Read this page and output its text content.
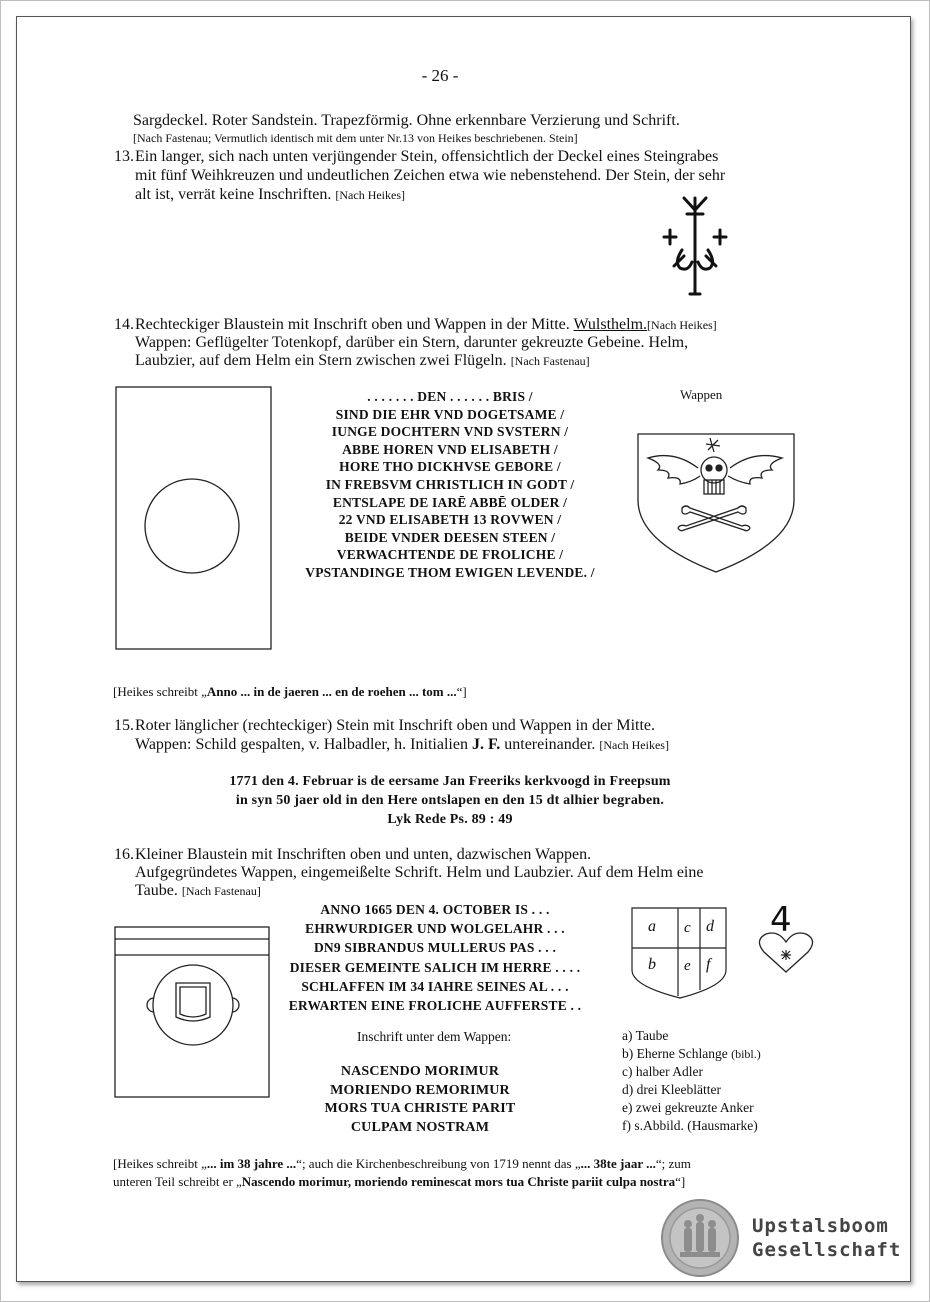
- 26 -
Sargdeckel. Roter Sandstein. Trapezförmig. Ohne erkennbare Verzierung und Schrift.
[Nach Fastenau; Vermutlich identisch mit dem unter Nr.13 von Heikes beschriebenen. Stein]
13. Ein langer, sich nach unten verjüngender Stein, offensichtlich der Deckel eines Steingrabes
mit fünf Weihkreuzen und undeutlichen Zeichen etwa wie nebenstehend. Der Stein, der sehr
alt ist, verrät keine Inschriften. [Nach Heikes]
14. Rechteckiger Blaustein mit Inschrift oben und Wappen in der Mitte. Wulsthelm.[Nach Heikes]
Wappen: Geflügelter Totenkopf, darüber ein Stern, darunter gekreuzte Gebeine. Helm,
Laubzier, auf dem Helm ein Stern zwischen zwei Flügeln. [Nach Fastenau]
. . . . . . . DEN . . . . . . BRIS /
SIND DIE EHR VND DOGETSAME /
IUNGE DOCHTERN VND SVSTERN /
ABBE HOREN VND ELISABETH /
HORE THO DICKHVSE GEBORE /
IN FREBSVM CHRISTLICH IN GODT /
ENTSLAPE DE IARĒ ABBĒ OLDER /
22 VND ELISABETH 13 ROVWEN /
BEIDE VNDER DEESEN STEEN /
VERWACHTENDE DE FROLICHE /
VPSTANDINGE THOM EWIGEN LEVENDE. /
Wappen
[Heikes schreibt „Anno ... in de jaeren ... en de roehen ... tom ...“]
15. Roter länglicher (rechteckiger) Stein mit Inschrift oben und Wappen in der Mitte.
Wappen: Schild gespalten, v. Halbadler, h. Initialien J. F. untereinander. [Nach Heikes]
1771 den 4. Februar is de eersame Jan Freeriks kerkvoogd in Freepsum
in syn 50 jaer old in den Here ontslapen en den 15 dt alhier begraben.
Lyk Rede Ps. 89 : 49
16. Kleiner Blaustein mit Inschriften oben und unten, dazwischen Wappen.
Aufgegründetes Wappen, eingemeißelte Schrift. Helm und Laubzier. Auf dem Helm eine
Taube. [Nach Fastenau]
ANNO 1665 DEN 4. OCTOBER IS . . .
EHRWURDIGER UND WOLGELAHR . . .
DN9 SIBRANDUS MULLERUS PAS . . .
DIESER GEMEINTE SALICH IM HERRE . . . .
SCHLAFFEN IM 34 IAHRE SEINES AL . . .
ERWARTEN EINE FROLICHE AUFFERSTE . .
a c d
b e f
4
Inschrift unter dem Wappen:
NASCENDO MORIMUR
MORIENDO REMORIMUR
MORS TUA CHRISTE PARIT
CULPAM NOSTRAM
a) Taube
b) Eherne Schlange (bibl.)
c) halber Adler
d) drei Kleeblätter
e) zwei gekreuzte Anker
f) s.Abbild. (Hausmarke)
[Heikes schreibt „... im 38 jahre ...“; auch die Kirchenbeschreibung von 1719 nennt das „... 38te jaar ...“; zum
unteren Teil schreibt er „Nascendo morimur, moriendo reminescat mors tua Christe pariit culpa nostra“]
Upstalsboom
Gesellschaft
